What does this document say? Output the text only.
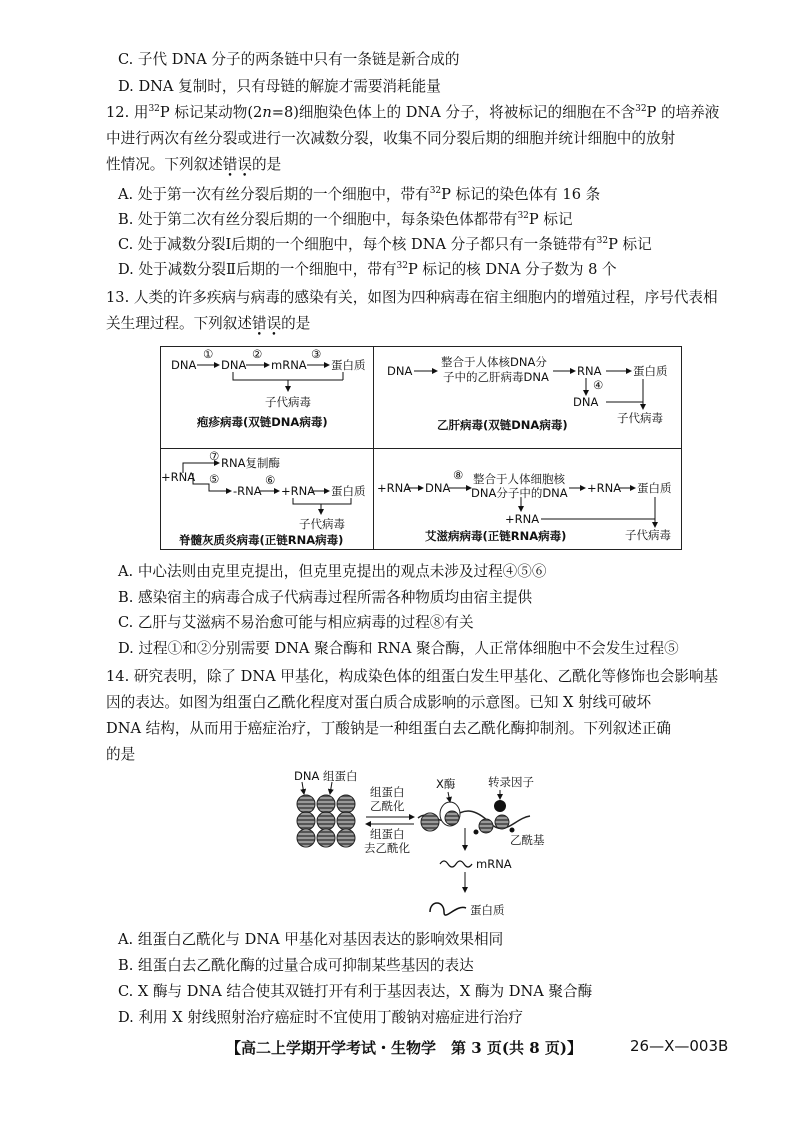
C. 子代 DNA 分子的两条链中只有一条链是新合成的
D. DNA 复制时，只有母链的解旋才需要消耗能量
12. 用$^{32}$P 标记某动物(2n=8)细胞染色体上的 DNA 分子，将被标记的细胞在不含$^{32}$P 的培养液
中进行两次有丝分裂或进行一次减数分裂，收集不同分裂后期的细胞并统计细胞中的放射
性情况。下列叙述错误的是
A. 处于第一次有丝分裂后期的一个细胞中，带有$^{32}$P 标记的染色体有 16 条
B. 处于第二次有丝分裂后期的一个细胞中，每条染色体都带有$^{32}$P 标记
C. 处于减数分裂Ⅰ后期的一个细胞中，每个核 DNA 分子都只有一条链带有$^{32}$P 标记
D. 处于减数分裂Ⅱ后期的一个细胞中，带有$^{32}$P 标记的核 DNA 分子数为 8 个
13. 人类的许多疾病与病毒的感染有关，如图为四种病毒在宿主细胞内的增殖过程，序号代表相
关生理过程。下列叙述错误的是
DNA
①
DNA
②
mRNA
③
蛋白质
子代病毒
疱疹病毒(双链DNA病毒)
DNA
整合于人体核DNA分
子中的乙肝病毒DNA RNA	蛋白质
④
DNA
子代病毒
乙肝病毒(双链DNA病毒)
⑦ RNA复制酶
+RNA ⑤
-RNA
⑥
+RNA 蛋白质
子代病毒
脊髓灰质炎病毒(正链RNA病毒)
+RNA DNA
⑧ 整合于人体细胞核
DNA分子中的DNA +RNA 蛋白质
+RNA
子代病毒
艾滋病病毒(正链RNA病毒)
A. 中心法则由克里克提出，但克里克提出的观点未涉及过程④⑤⑥
B. 感染宿主的病毒合成子代病毒过程所需各种物质均由宿主提供
C. 乙肝与艾滋病不易治愈可能与相应病毒的过程⑧有关
D. 过程①和②分别需要 DNA 聚合酶和 RNA 聚合酶，人正常体细胞中不会发生过程⑤
14. 研究表明，除了 DNA 甲基化，构成染色体的组蛋白发生甲基化、乙酰化等修饰也会影响基
因的表达。如图为组蛋白乙酰化程度对蛋白质合成影响的示意图。已知 X 射线可破坏
DNA 结构，从而用于癌症治疗，丁酸钠是一种组蛋白去乙酰化酶抑制剂。下列叙述正确
的是
DNA 组蛋白
组蛋白
乙酰化
组蛋白
去乙酰化
X酶	转录因子
乙酰基
mRNA
蛋白质
A. 组蛋白乙酰化与 DNA 甲基化对基因表达的影响效果相同
B. 组蛋白去乙酰化酶的过量合成可抑制某些基因的表达
C. X 酶与 DNA 结合使其双链打开有利于基因表达，X 酶为 DNA 聚合酶
D. 利用 X 射线照射治疗癌症时不宜使用丁酸钠对癌症进行治疗
【高二上学期开学考试・生物学　第 3 页(共 8 页)】	26—X—003B
